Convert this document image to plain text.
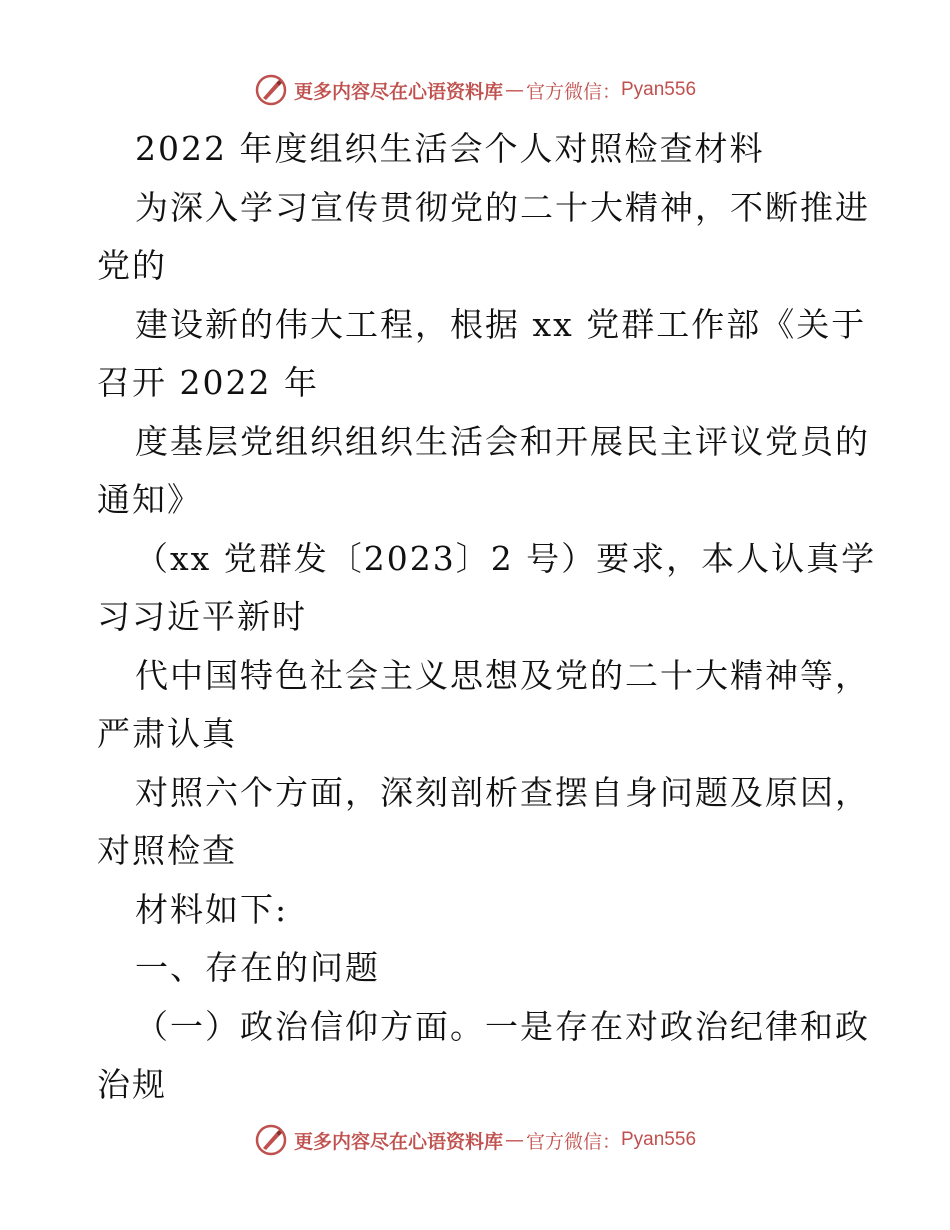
更多内容尽在心语资料库 — 官方微信： Pyan556
2022 年度组织生活会个人对照检查材料
为深入学习宣传贯彻党的二十大精神，不断推进
党的
建设新的伟大工程，根据 xx 党群工作部《关于
召开 2022 年
度基层党组织组织生活会和开展民主评议党员的
通知》
（xx 党群发〔2023〕2 号）要求，本人认真学
习习近平新时
代中国特色社会主义思想及党的二十大精神等，
严肃认真
对照六个方面，深刻剖析查摆自身问题及原因，
对照检查
材料如下:
一、存在的问题
（一）政治信仰方面。一是存在对政治纪律和政
治规
更多内容尽在心语资料库 — 官方微信： Pyan556
